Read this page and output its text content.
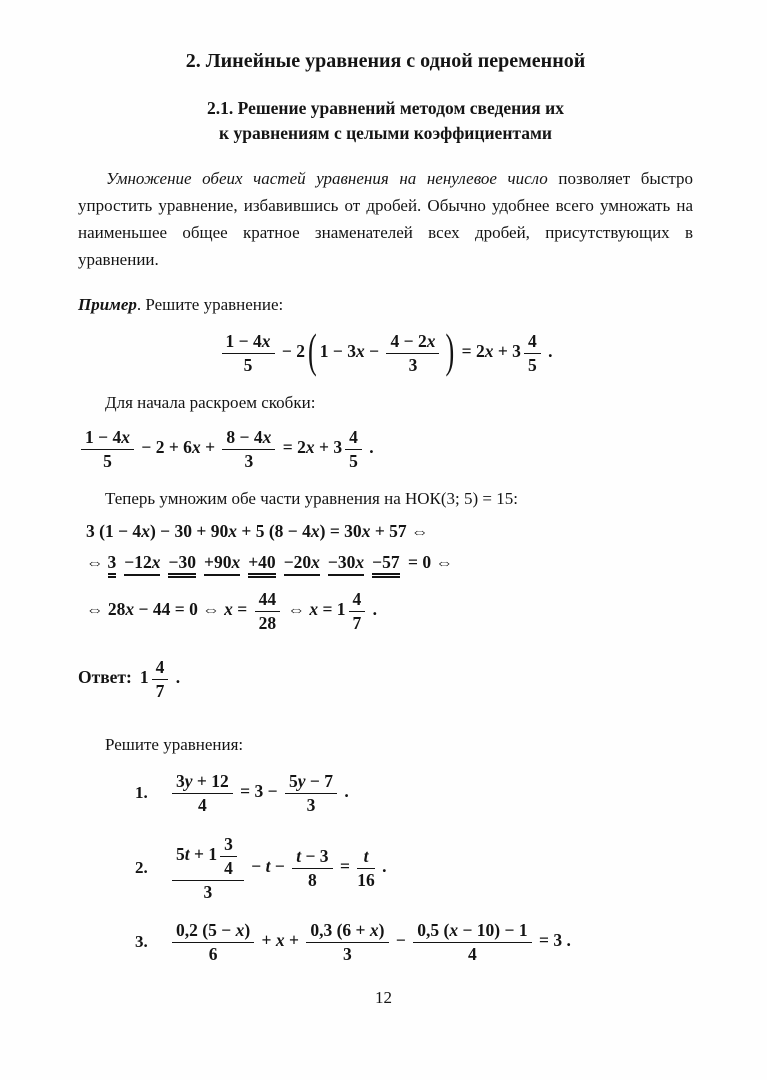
2. Линейные уравнения с одной переменной
2.1. Решение уравнений методом сведения их
к уравнениям с целыми коэффициентами

Умножение обеих частей уравнения на ненулевое число позволяет быстро упростить уравнение, избавившись от дробей. Обычно удобнее всего умножать на наименьшее общее кратное знаменателей всех дробей, присутствующих в уравнении.

Пример. Решите уравнение:

$\frac{1 - 4x}{5} - 2$ ( $1 - 3x - \frac{4 - 2x}{3}$ ) = $2x + 3 \frac{4}{5}$ .

Для начала раскроем скобки:

$\frac{1 - 4x}{5} - 2 + 6x + \frac{8 - 4x}{3} = 2x + 3 \frac{4}{5}$ .

Теперь умножим обе части уравнения на НОК(3; 5) = 15:

3 (1 − 4x) − 30 + 90x + 5 (8 − 4x) = 30x + 57 ⇔
⇔ 3 −12x −30 +90x +40 −20x −30x −57 = 0 ⇔
⇔ 28x − 44 = 0 ⇔ $x = \frac{44}{28}$ ⇔ $x = 1 \frac{4}{7}$ .
Ответ: $1 \frac{4}{7}$ .

Решите уравнения:

1.	$\frac{3y + 12}{4} = 3 - \frac{5y - 7}{3}$ .
2.	$\frac{5t + 1 \frac{3}{4}}{3} - t - \frac{t - 3}{8} = \frac{t}{16}$ .
3.	$\frac{0,2 (5 - x)}{6} + x + \frac{0,3 (6 + x)}{3} - \frac{0,5 (x - 10) - 1}{4} = 3$ .
12
